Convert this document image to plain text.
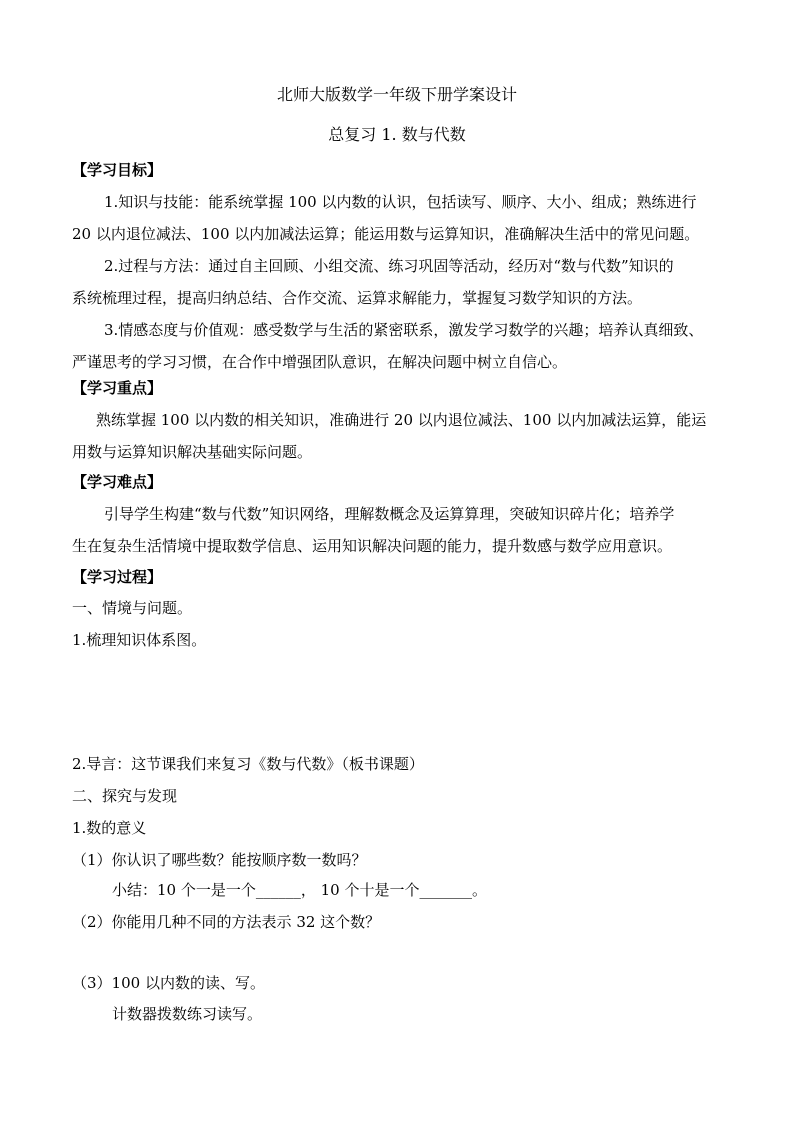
北师大版数学一年级下册学案设计
总复习 1. 数与代数
【学习目标】
1.知识与技能：能系统掌握 100 以内数的认识，包括读写、顺序、大小、组成；熟练进行
20 以内退位减法、100 以内加减法运算；能运用数与运算知识，准确解决生活中的常见问题。
2.过程与方法：通过自主回顾、小组交流、练习巩固等活动，经历对“数与代数”知识的
系统梳理过程，提高归纳总结、合作交流、运算求解能力，掌握复习数学知识的方法。
3.情感态度与价值观：感受数学与生活的紧密联系，激发学习数学的兴趣；培养认真细致、
严谨思考的学习习惯，在合作中增强团队意识，在解决问题中树立自信心。
【学习重点】
熟练掌握 100 以内数的相关知识，准确进行 20 以内退位减法、100 以内加减法运算，能运
用数与运算知识解决基础实际问题。
【学习难点】
引导学生构建“数与代数”知识网络，理解数概念及运算算理，突破知识碎片化；培养学
生在复杂生活情境中提取数学信息、运用知识解决问题的能力，提升数感与数学应用意识。
【学习过程】
一、情境与问题。
1.梳理知识体系图。
2.导言：这节课我们来复习《数与代数》（板书课题）
二、探究与发现
1.数的意义
（1）你认识了哪些数？能按顺序数一数吗？
小结：10 个一是一个______， 10 个十是一个_______。
（2）你能用几种不同的方法表示 32 这个数？
（3）100 以内数的读、写。
计数器拨数练习读写。
